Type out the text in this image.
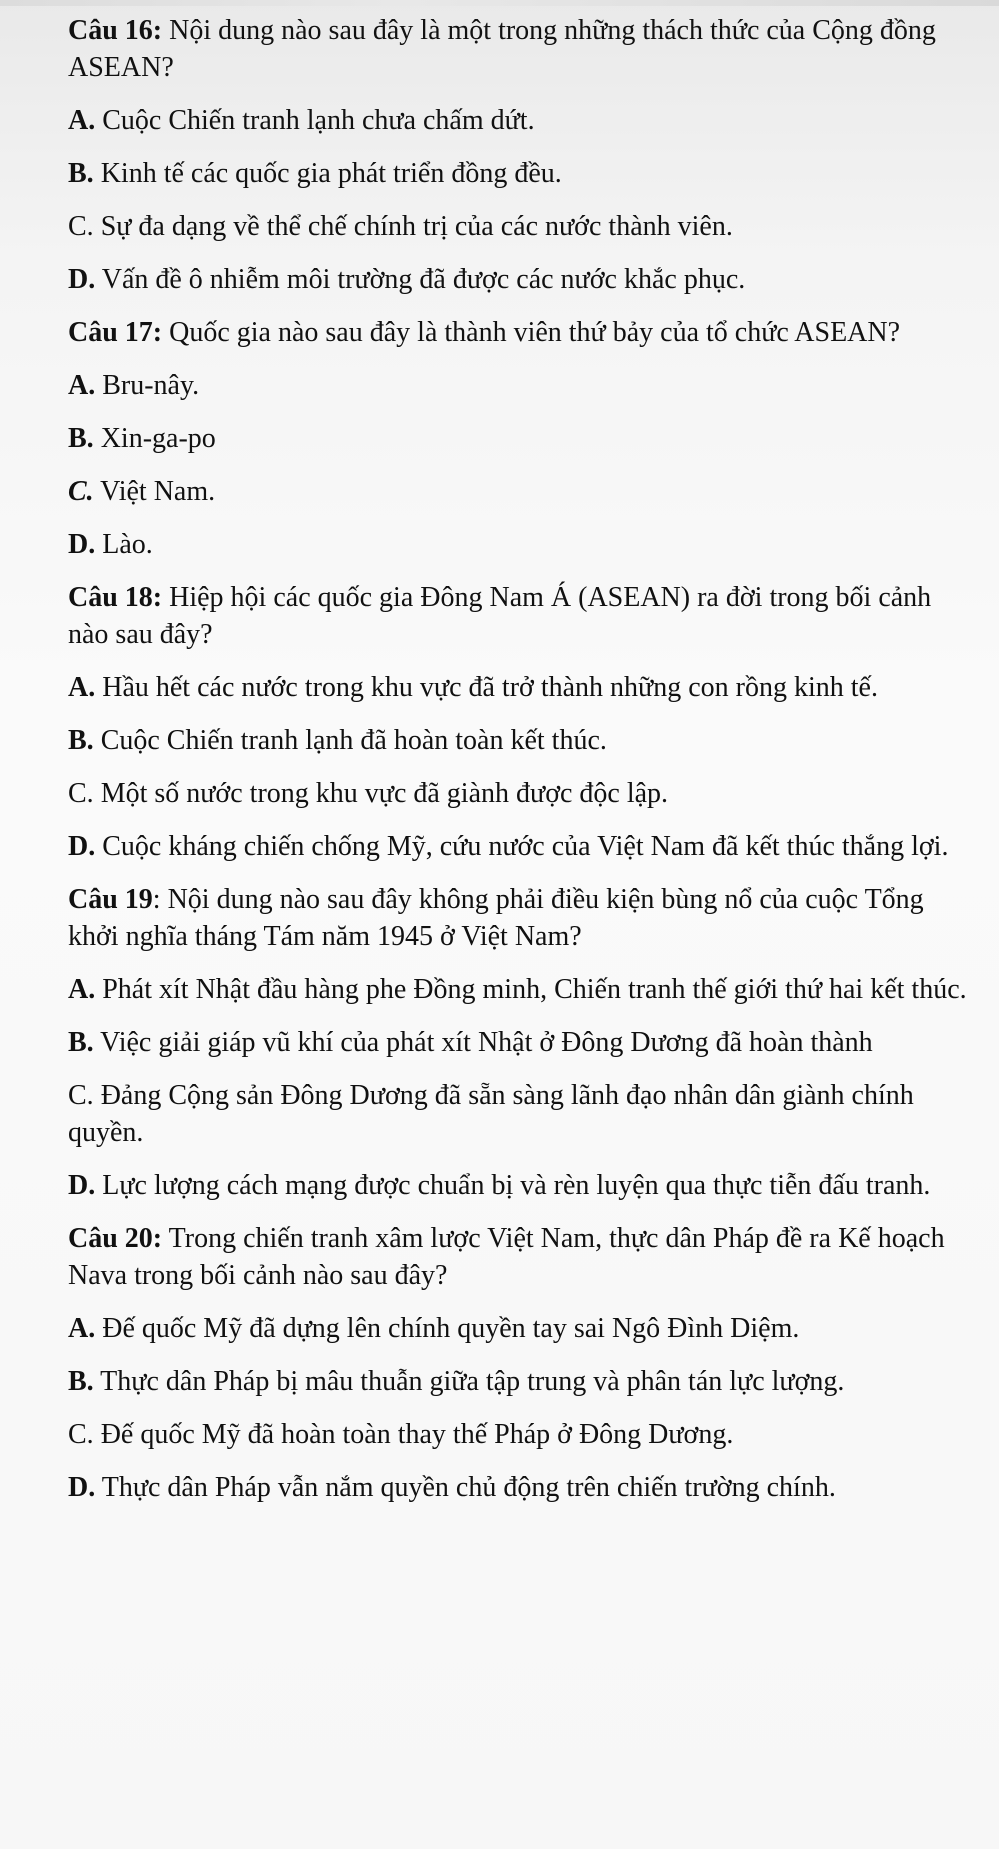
Câu 16: Nội dung nào sau đây là một trong những thách thức của Cộng đồng ASEAN?
A. Cuộc Chiến tranh lạnh chưa chấm dứt.
B. Kinh tế các quốc gia phát triển đồng đều.
C. Sự đa dạng về thể chế chính trị của các nước thành viên.
D. Vấn đề ô nhiễm môi trường đã được các nước khắc phục.
Câu 17: Quốc gia nào sau đây là thành viên thứ bảy của tổ chức ASEAN?
A. Bru-nây.
B. Xin-ga-po
C. Việt Nam.
D. Lào.
Câu 18: Hiệp hội các quốc gia Đông Nam Á (ASEAN) ra đời trong bối cảnh nào sau đây?
A. Hầu hết các nước trong khu vực đã trở thành những con rồng kinh tế.
B. Cuộc Chiến tranh lạnh đã hoàn toàn kết thúc.
C. Một số nước trong khu vực đã giành được độc lập.
D. Cuộc kháng chiến chống Mỹ, cứu nước của Việt Nam đã kết thúc thắng lợi.
Câu 19: Nội dung nào sau đây không phải điều kiện bùng nổ của cuộc Tổng khởi nghĩa tháng Tám năm 1945 ở Việt Nam?
A. Phát xít Nhật đầu hàng phe Đồng minh, Chiến tranh thế giới thứ hai kết thúc.
B. Việc giải giáp vũ khí của phát xít Nhật ở Đông Dương đã hoàn thành
C. Đảng Cộng sản Đông Dương đã sẵn sàng lãnh đạo nhân dân giành chính quyền.
D. Lực lượng cách mạng được chuẩn bị và rèn luyện qua thực tiễn đấu tranh.
Câu 20: Trong chiến tranh xâm lược Việt Nam, thực dân Pháp đề ra Kế hoạch Nava trong bối cảnh nào sau đây?
A. Đế quốc Mỹ đã dựng lên chính quyền tay sai Ngô Đình Diệm.
B. Thực dân Pháp bị mâu thuẫn giữa tập trung và phân tán lực lượng.
C. Đế quốc Mỹ đã hoàn toàn thay thế Pháp ở Đông Dương.
D. Thực dân Pháp vẫn nắm quyền chủ động trên chiến trường chính.
